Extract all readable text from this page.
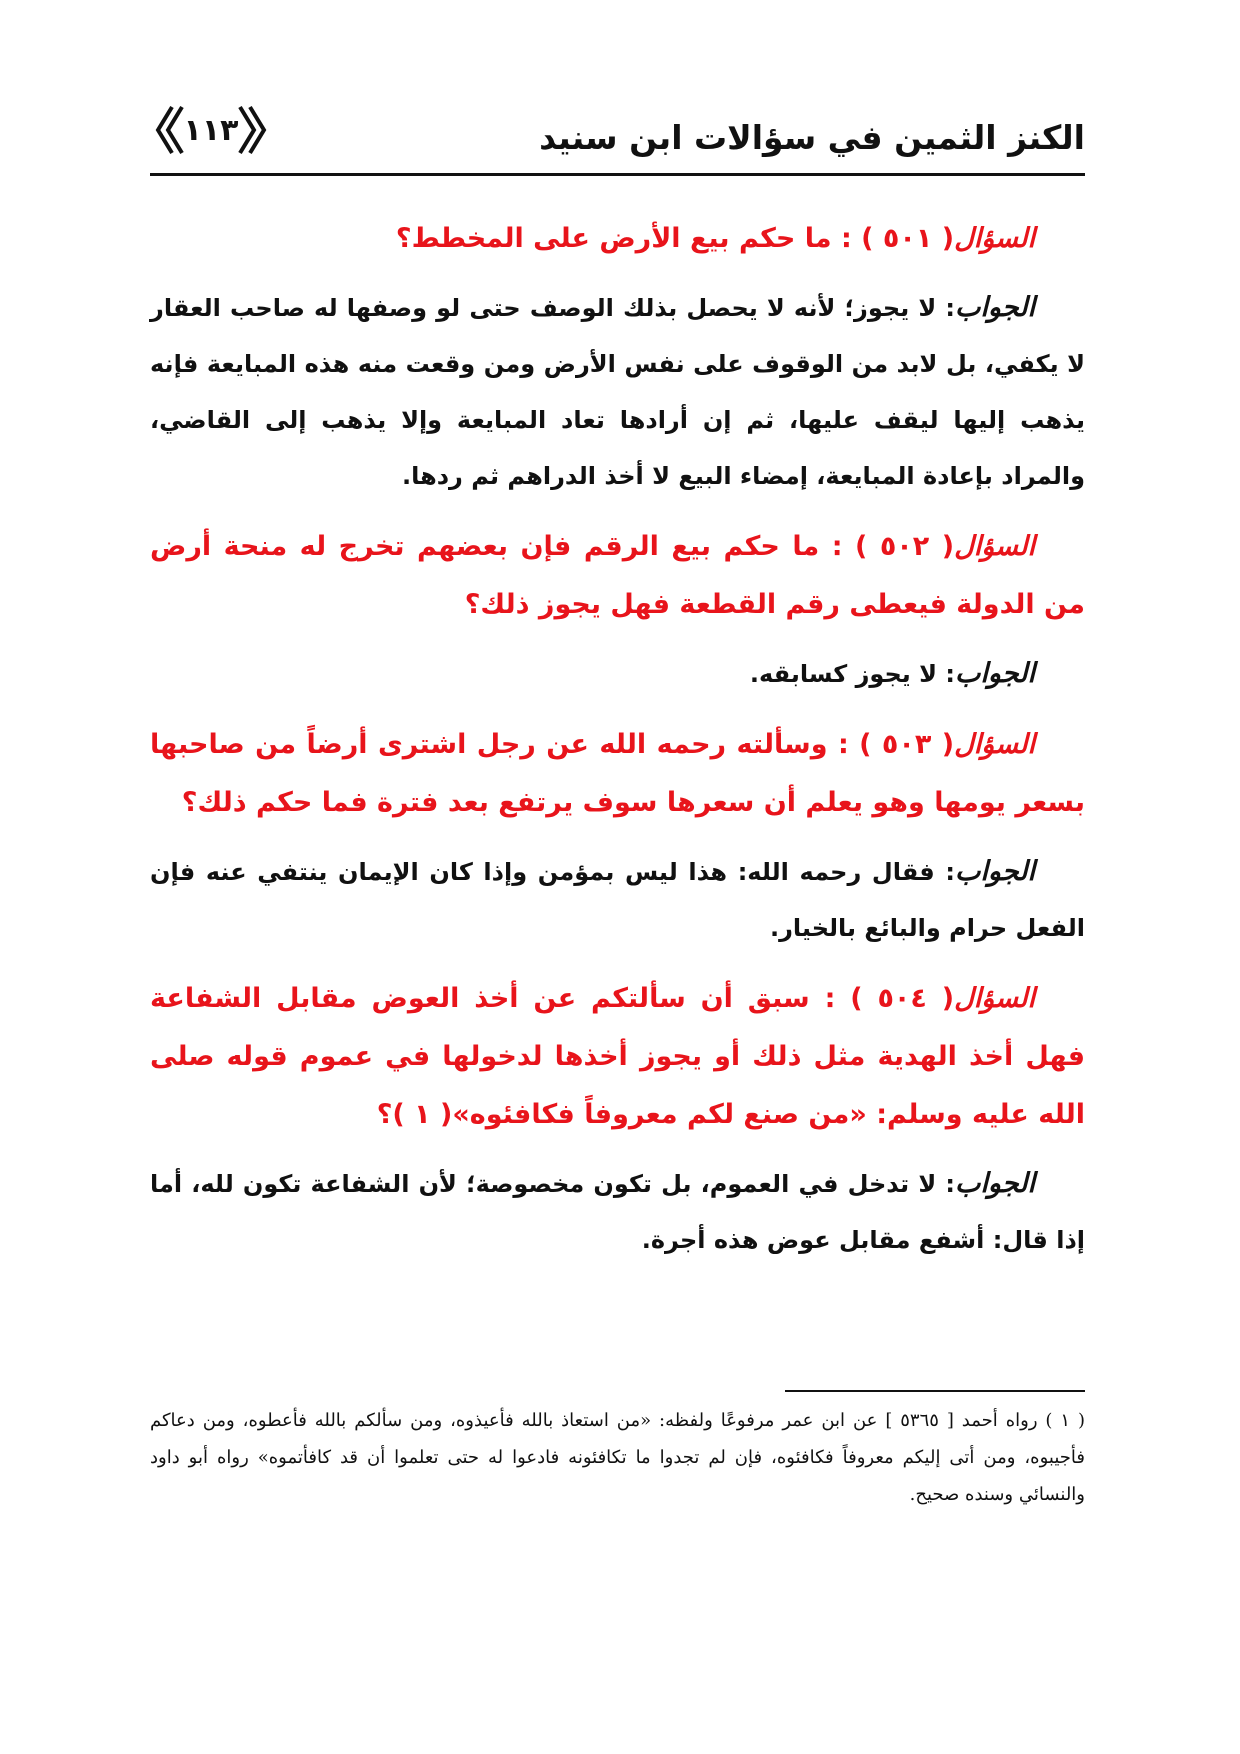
١١٣	الكنز الثمين في سؤالات ابن سنيد

السؤال( ٥٠١ ) : ما حكم بيع الأرض على المخطط؟

الجواب: لا يجوز؛ لأنه لا يحصل بذلك الوصف حتى لو وصفها له صاحب العقار لا يكفي، بل لابد من الوقوف على نفس الأرض ومن وقعت منه هذه المبايعة فإنه يذهب إليها ليقف عليها، ثم إن أرادها تعاد المبايعة وإلا يذهب إلى القاضي، والمراد بإعادة المبايعة، إمضاء البيع لا أخذ الدراهم ثم ردها.

السؤال( ٥٠٢ ) : ما حكم بيع الرقم فإن بعضهم تخرج له منحة أرض من الدولة فيعطى رقم القطعة فهل يجوز ذلك؟

الجواب: لا يجوز كسابقه.

السؤال( ٥٠٣ ) : وسألته رحمه الله عن رجل اشترى أرضاً من صاحبها بسعر يومها وهو يعلم أن سعرها سوف يرتفع بعد فترة فما حكم ذلك؟

الجواب: فقال رحمه الله: هذا ليس بمؤمن وإذا كان الإيمان ينتفي عنه فإن الفعل حرام والبائع بالخيار.

السؤال( ٥٠٤ ) : سبق أن سألتكم عن أخذ العوض مقابل الشفاعة فهل أخذ الهدية مثل ذلك أو يجوز أخذها لدخولها في عموم قوله صلى الله عليه وسلم: «من صنع لكم معروفاً فكافئوه»( ١ )؟

الجواب: لا تدخل في العموم، بل تكون مخصوصة؛ لأن الشفاعة تكون لله، أما إذا قال: أشفع مقابل عوض هذه أجرة.

( ١ ) رواه أحمد [ ٥٣٦٥ ] عن ابن عمر مرفوعًا ولفظه: «من استعاذ بالله فأعيذوه، ومن سألكم بالله فأعطوه، ومن دعاكم فأجيبوه، ومن أتى إليكم معروفاً فكافئوه، فإن لم تجدوا ما تكافئونه فادعوا له حتى تعلموا أن قد كافأتموه» رواه أبو داود والنسائي وسنده صحيح.
